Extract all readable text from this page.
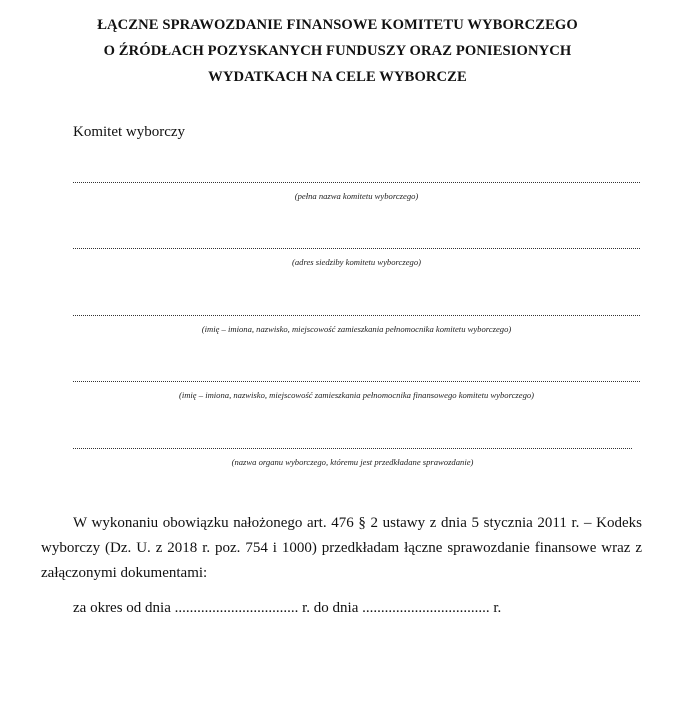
ŁĄCZNE SPRAWOZDANIE FINANSOWE KOMITETU WYBORCZEGO
O ŹRÓDŁACH POZYSKANYCH FUNDUSZY ORAZ PONIESIONYCH
WYDATKACH NA CELE WYBORCZE
Komitet wyborczy
(pełna nazwa komitetu wyborczego)
(adres siedziby komitetu wyborczego)
(imię – imiona, nazwisko, miejscowość zamieszkania pełnomocnika komitetu wyborczego)
(imię – imiona, nazwisko, miejscowość zamieszkania pełnomocnika finansowego komitetu wyborczego)
(nazwa organu wyborczego, któremu jest przedkładane sprawozdanie)

W wykonaniu obowiązku nałożonego art. 476 § 2 ustawy z dnia 5 stycznia 2011 r. – Kodeks wyborczy (Dz. U. z 2018 r. poz. 754 i 1000) przedkładam łączne sprawozdanie finansowe wraz z załączonymi dokumentami:

za okres od dnia ................................. r. do dnia .................................. r.
